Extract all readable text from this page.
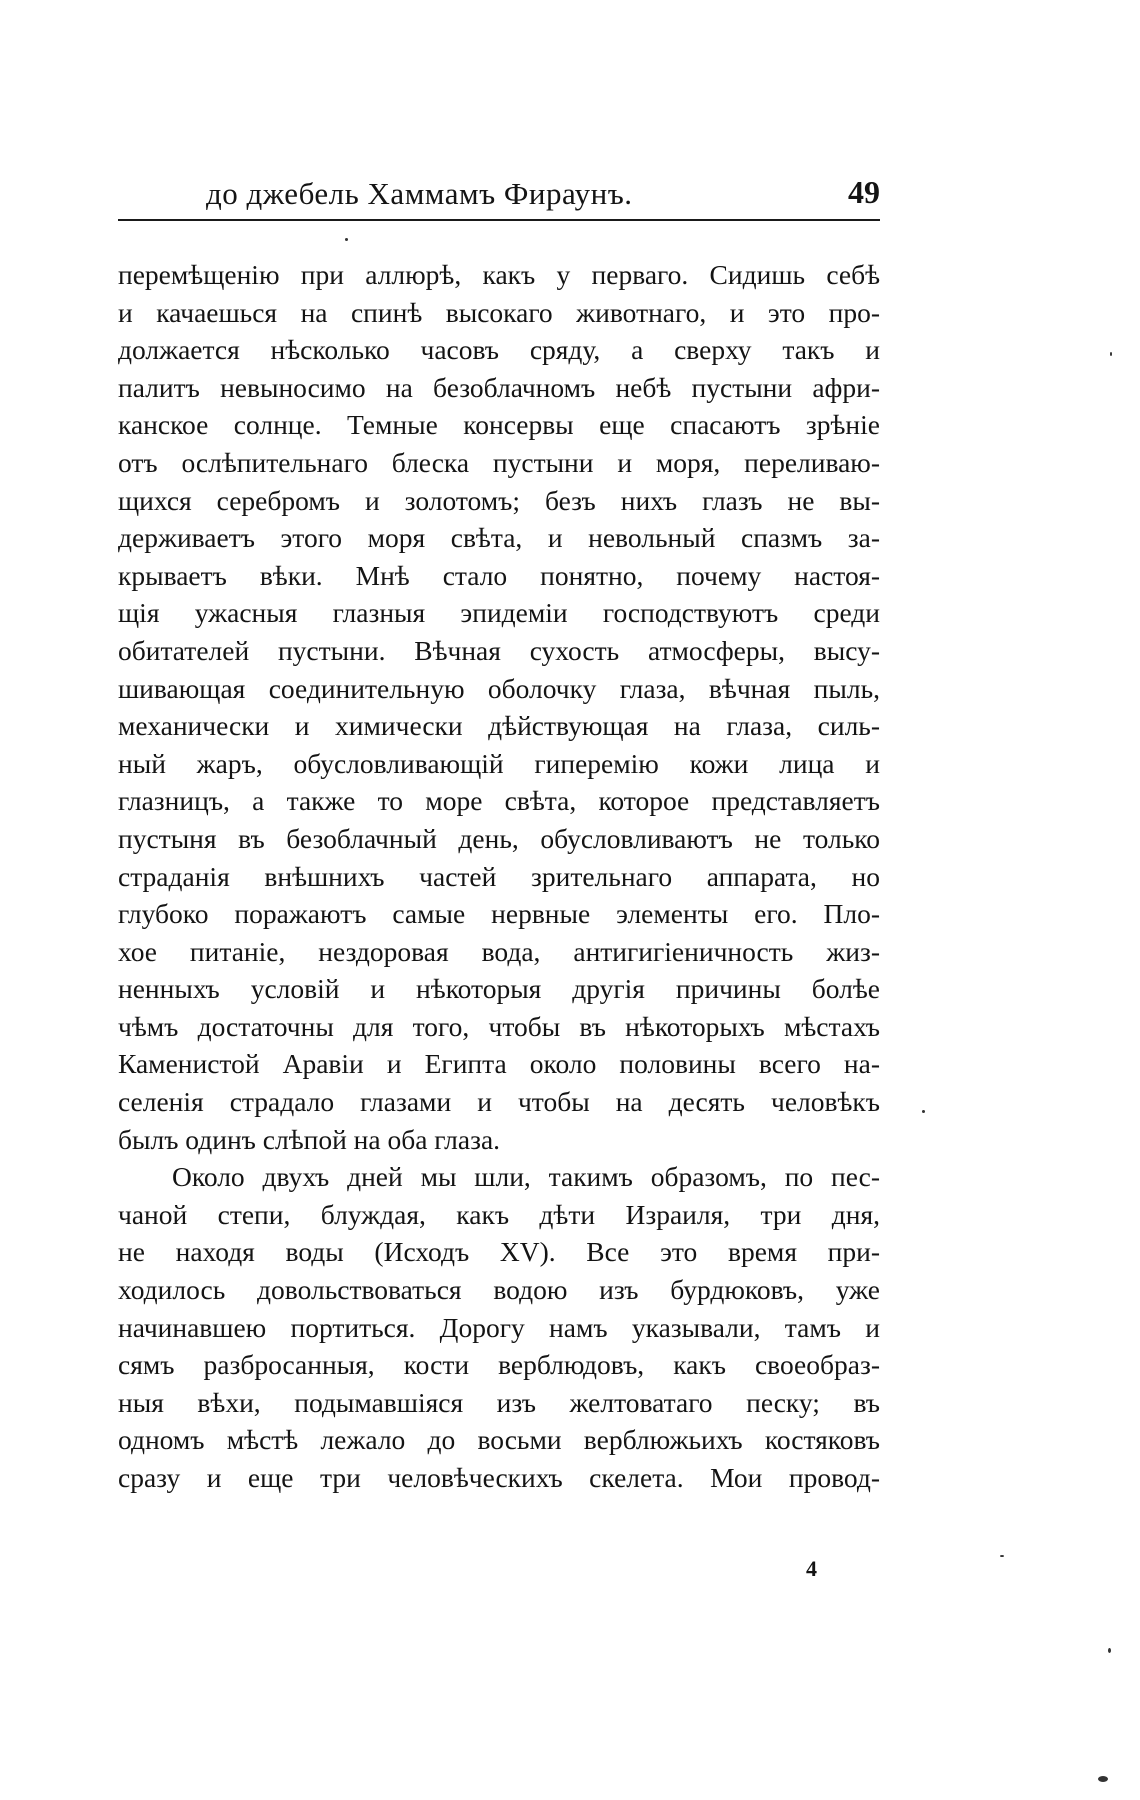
до джебель Хаммамъ Фираунъ.	49
перемѣщенію при аллюрѣ, какъ у перваго. Сидишь себѣ
и качаешься на спинѣ высокаго животнаго, и это про-
должается нѣсколько часовъ сряду, а сверху такъ и
палитъ невыносимо на безоблачномъ небѣ пустыни афри-
канское солнце. Темные консервы еще спасаютъ зрѣніе
отъ ослѣпительнаго блеска пустыни и моря, переливаю-
щихся серебромъ и золотомъ; безъ нихъ глазъ не вы-
держиваетъ этого моря свѣта, и невольный спазмъ за-
крываетъ вѣки. Мнѣ стало понятно, почему настоя-
щія ужасныя глазныя эпидеміи господствуютъ среди
обитателей пустыни. Вѣчная сухость атмосферы, высу-
шивающая соединительную оболочку глаза, вѣчная пыль,
механически и химически дѣйствующая на глаза, силь-
ный жаръ, обусловливающій гиперемію кожи лица и
глазницъ, а также то море свѣта, которое представляетъ
пустыня въ безоблачный день, обусловливаютъ не только
страданія внѣшнихъ частей зрительнаго аппарата, но
глубоко поражаютъ самые нервные элементы его. Пло-
хое питаніе, нездоровая вода, антигигіеничность жиз-
ненныхъ условій и нѣкоторыя другія причины болѣе
чѣмъ достаточны для того, чтобы въ нѣкоторыхъ мѣстахъ
Каменистой Аравіи и Египта около половины всего на-
селенія страдало глазами и чтобы на десять человѣкъ
былъ одинъ слѣпой на оба глаза.
Около двухъ дней мы шли, такимъ образомъ, по пес-
чаной степи, блуждая, какъ дѣти Израиля, три дня,
не находя воды (Исходъ XV). Все это время при-
ходилось довольствоваться водою изъ бурдюковъ, уже
начинавшею портиться. Дорогу намъ указывали, тамъ и
сямъ разбросанныя, кости верблюдовъ, какъ своеобраз-
ныя вѣхи, подымавшіяся изъ желтоватаго песку; въ
одномъ мѣстѣ лежало до восьми верблюжьихъ костяковъ
сразу и еще три человѣческихъ скелета. Мои провод-
4
